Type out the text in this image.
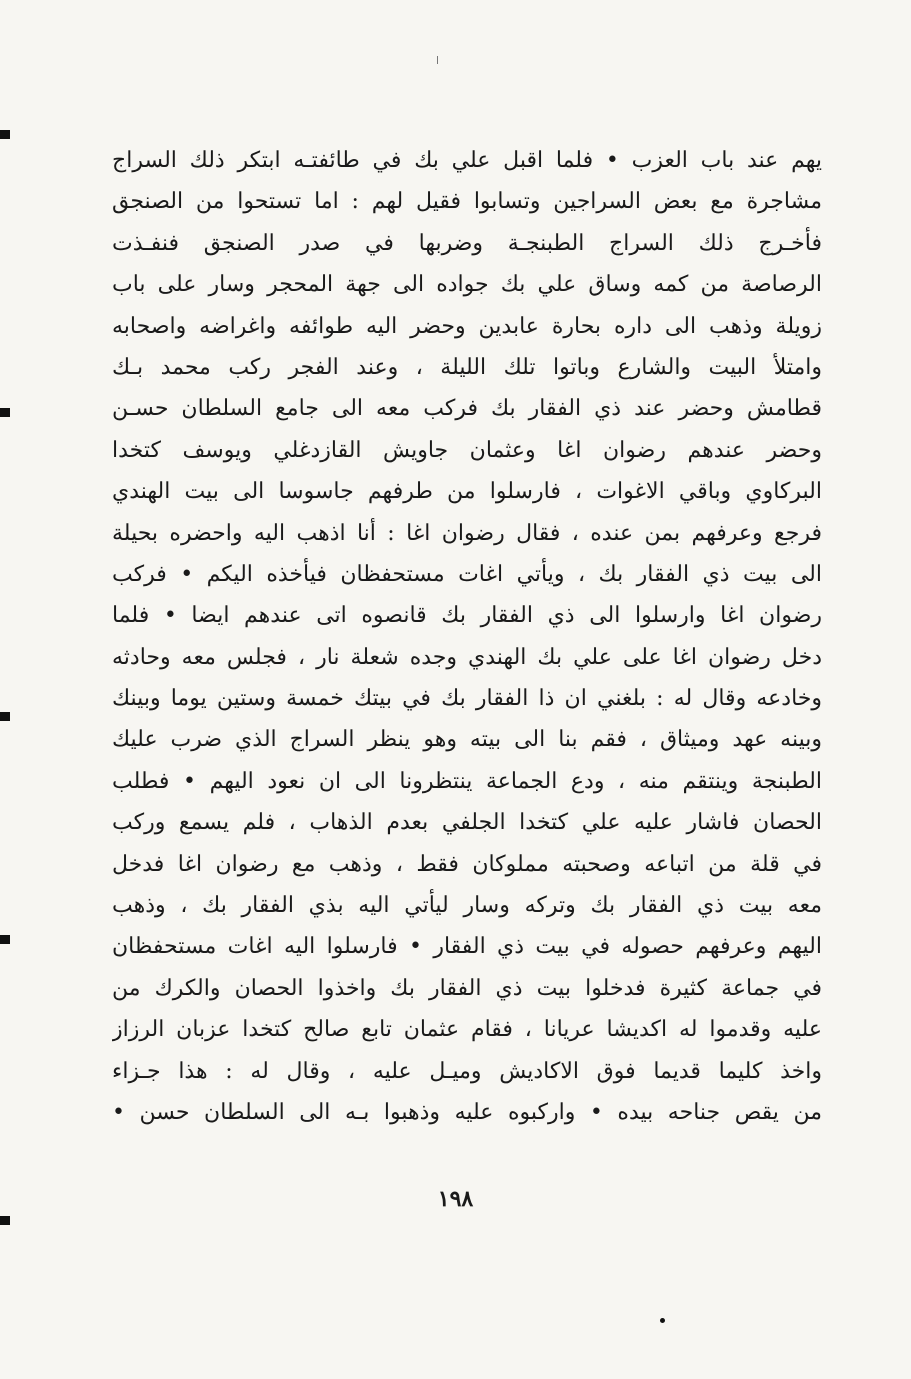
يهم عند باب العزب • فلما اقبل علي بك في طائفتـه ابتكر ذلك السراج
مشاجرة مع بعض السراجين وتسابوا فقيل لهم : اما تستحوا من الصنجق
فأخـرج ذلك السراج الطبنجـة وضربها في صدر الصنجق فنفـذت
الرصاصة من كمه وساق علي بك جواده الى جهة المحجر وسار على باب
زويلة وذهب الى داره بحارة عابدين وحضر اليه طوائفه واغراضه واصحابه
وامتلأ البيت والشارع وباتوا تلك الليلة ، وعند الفجر ركب محمد بـك
قطامش وحضر عند ذي الفقار بك فركب معه الى جامع السلطان حسـن
وحضر عندهم رضوان اغا وعثمان جاويش القازدغلي ويوسف كتخدا
البركاوي وباقي الاغوات ، فارسلوا من طرفهم جاسوسا الى بيت الهندي
فرجع وعرفهم بمن عنده ، فقال رضوان اغا : أنا اذهب اليه واحضره بحيلة
الى بيت ذي الفقار بك ، ويأتي اغات مستحفظان فيأخذه اليكم • فركب
رضوان اغا وارسلوا الى ذي الفقار بك قانصوه اتى عندهم ايضا • فلما
دخل رضوان اغا على علي بك الهندي وجده شعلة نار ، فجلس معه وحادثه
وخادعه وقال له : بلغني ان ذا الفقار بك في بيتك خمسة وستين يوما وبينك
وبينه عهد وميثاق ، فقم بنا الى بيته وهو ينظر السراج الذي ضرب عليك
الطبنجة وينتقم منه ، ودع الجماعة ينتظرونا الى ان نعود اليهم • فطلب
الحصان فاشار عليه علي كتخدا الجلفي بعدم الذهاب ، فلم يسمع وركب
في قلة من اتباعه وصحبته مملوكان فقط ، وذهب مع رضوان اغا فدخل
معه بيت ذي الفقار بك وتركه وسار ليأتي اليه بذي الفقار بك ، وذهب
اليهم وعرفهم حصوله في بيت ذي الفقار • فارسلوا اليه اغات مستحفظان
في جماعة كثيرة فدخلوا بيت ذي الفقار بك واخذوا الحصان والكرك من
عليه وقدموا له اكديشا عريانا ، فقام عثمان تابع صالح كتخدا عزبان الرزاز
واخذ كليما قديما فوق الاكاديش وميـل عليه ، وقال له : هذا جـزاء
من يقص جناحه بيده • واركبوه عليه وذهبوا بـه الى السلطان حسن •
١٩٨
